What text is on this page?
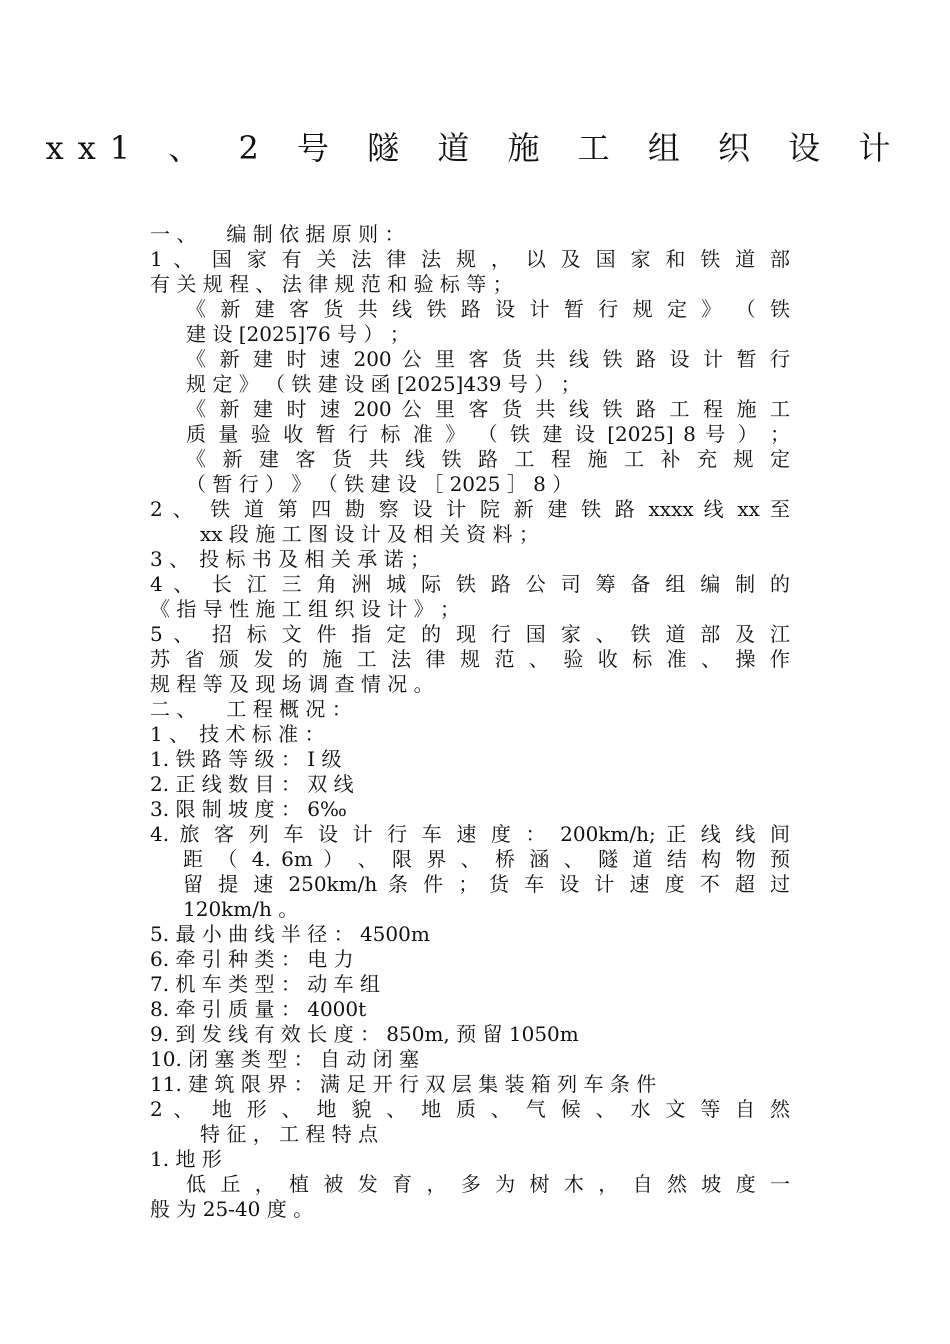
xx1 、 2 号 隧 道 施 工 组 织 设 计
一 、　　编 制 依 据 原 则 ：
1 、　国 家 有 关 法 律 法 规 ， 以 及 国 家 和 铁 道 部
有 关 规 程 、 法 律 规 范 和 验 标 等 ；
《 新 建 客 货 共 线 铁 路 设 计 暂 行 规 定 》 （ 铁
建 设 [2025]76 号 ） ；
《 新 建 时 速 200 公 里 客 货 共 线 铁 路 设 计 暂 行
规 定 》 （ 铁 建 设 函 [2025]439 号 ） ；
《 新 建 时 速 200 公 里 客 货 共 线 铁 路 工 程 施 工
质 量 验 收 暂 行 标 准 》 （ 铁 建 设 [2025] 8 号 ） ；
《 新 建 客 货 共 线 铁 路 工 程 施 工 补 充 规 定
（ 暂 行 ） 》 （ 铁 建 设 ［ 2025 ］ 8 ）
2 、　铁 道 第 四 勘 察 设 计 院 新 建 铁 路 xxxx 线 xx 至
xx 段 施 工 图 设 计 及 相 关 资 料 ；
3 、　投 标 书 及 相 关 承 诺 ；
4 、　长 江 三 角 洲 城 际 铁 路 公 司 筹 备 组 编 制 的
《 指 导 性 施 工 组 织 设 计 》 ；
5 、　招 标 文 件 指 定 的 现 行 国 家 、 铁 道 部 及 江
苏 省 颁 发 的 施 工 法 律 规 范 、 验 收 标 准 、 操 作
规 程 等 及 现 场 调 查 情 况 。
二 、　　工 程 概 况 ：
1 、　技 术 标 准 ：
1. 铁 路 等 级 ： I 级
2. 正 线 数 目 ： 双 线
3. 限 制 坡 度 ： 6‰
4. 旅 客 列 车 设 计 行 车 速 度 ： 200km/h; 正 线 线 间
距 （ 4. 6m ） 、 限 界 、 桥 涵 、 隧 道 结 构 物 预
留 提 速 250km/h 条 件 ； 货 车 设 计 速 度 不 超 过
120km/h 。
5. 最 小 曲 线 半 径 ： 4500m
6. 牵 引 种 类 ： 电 力
7. 机 车 类 型 ： 动 车 组
8. 牵 引 质 量 ： 4000t
9. 到 发 线 有 效 长 度 ： 850m, 预 留 1050m
10. 闭 塞 类 型 ： 自 动 闭 塞
11. 建 筑 限 界 ： 满 足 开 行 双 层 集 装 箱 列 车 条 件
2 、　地 形 、 地 貌 、 地 质 、 气 候 、 水 文 等 自 然
特 征 ， 工 程 特 点
1. 地 形
低 丘 ， 植 被 发 育 ， 多 为 树 木 ， 自 然 坡 度 一
般 为 25-40 度 。
